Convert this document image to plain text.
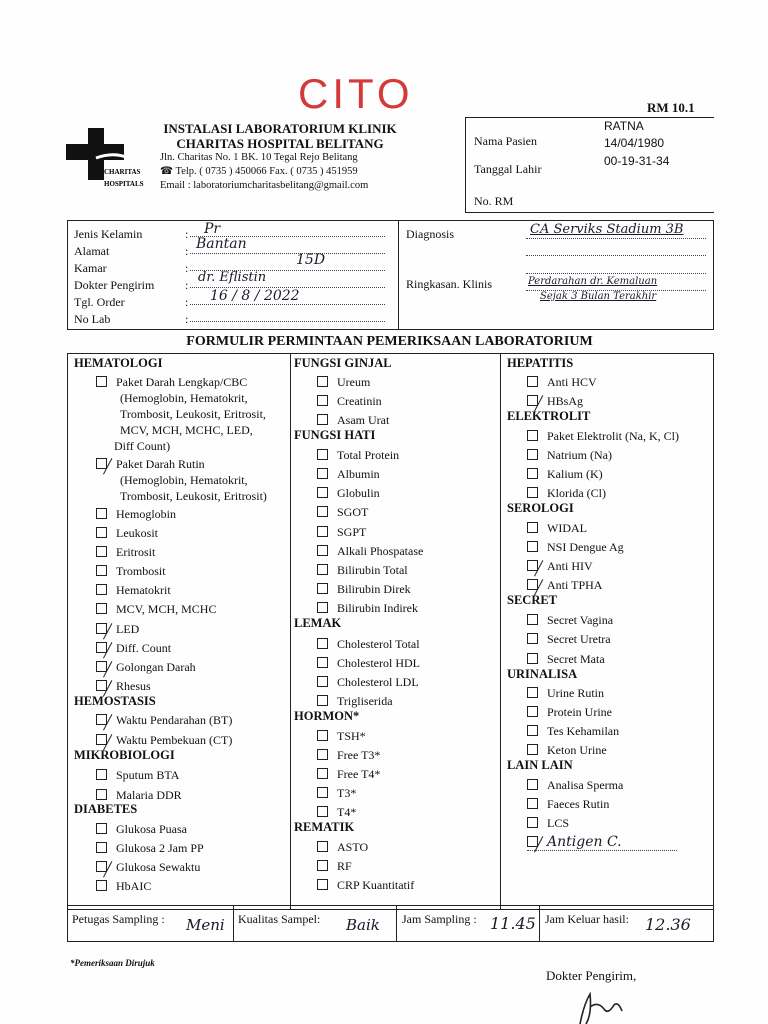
CITO	RM 10.1
CHARITAS
HOSPITALS
INSTALASI LABORATORIUM KLINIK
CHARITAS HOSPITAL BELITANG
Jln. Charitas No. 1 BK. 10 Tegal Rejo Belitang
☎ Telp. ( 0735 ) 450066 Fax. ( 0735 ) 451959
Email : laboratoriumcharitasbelitang@gmail.com
Nama Pasien
RATNA
Tanggal Lahir
14/04/1980
00-19-31-34
No. RM
Jenis Kelamin
Alamat
Kamar
Dokter Pengirim
Tgl. Order
No Lab
:
:
:
:
:
:
Pr
Bantan
15D
dr. Eflistin
16 / 8 / 2022
Diagnosis
Ringkasan. Klinis
CA Serviks Stadium 3B
Perdarahan dr. Kemaluan
Sejak 3 Bulan Terakhir
FORMULIR PERMINTAAN PEMERIKSAAN LABORATORIUM
HEMATOLOGI
Paket Darah Lengkap/CBC
(Hemoglobin, Hematokrit,
Trombosit, Leukosit, Eritrosit,
MCV, MCH, MCHC, LED,
Diff Count)
Paket Darah Rutin
(Hemoglobin, Hematokrit,
Trombosit, Leukosit, Eritrosit)
Hemoglobin
Leukosit
Eritrosit
Trombosit
Hematokrit
MCV, MCH, MCHC
LED
Diff. Count
Golongan Darah
Rhesus
HEMOSTASIS
Waktu Pendarahan (BT)
Waktu Pembekuan (CT)
MIKROBIOLOGI
Sputum BTA
Malaria DDR
DIABETES
Glukosa Puasa
Glukosa 2 Jam PP
Glukosa Sewaktu
HbAIC
FUNGSI GINJAL
Ureum
Creatinin
Asam Urat
FUNGSI HATI
Total Protein
Albumin
Globulin
SGOT
SGPT
Alkali Phospatase
Bilirubin Total
Bilirubin Direk
Bilirubin Indirek
LEMAK
Cholesterol Total
Cholesterol HDL
Cholesterol LDL
Trigliserida
HORMON*
TSH*
Free T3*
Free T4*
T3*
T4*
REMATIK
ASTO
RF
CRP Kuantitatif
HEPATITIS
Anti HCV
HBsAg
ELEKTROLIT
Paket Elektrolit (Na, K, Cl)
Natrium (Na)
Kalium (K)
Klorida (Cl)
SEROLOGI
WIDAL
NSI Dengue Ag
Anti HIV
Anti TPHA
SECRET
Secret Vagina
Secret Uretra
Secret Mata
URINALISA
Urine Rutin
Protein Urine
Tes Kehamilan
Keton Urine
LAIN LAIN
Analisa Sperma
Faeces Rutin
LCS
Antigen C.
Petugas Sampling : Meni Kualitas Sampel: Baik Jam Sampling : 11.45 Jam Keluar hasil: 12.36
*Pemeriksaan Dirujuk
Dokter Pengirim,
